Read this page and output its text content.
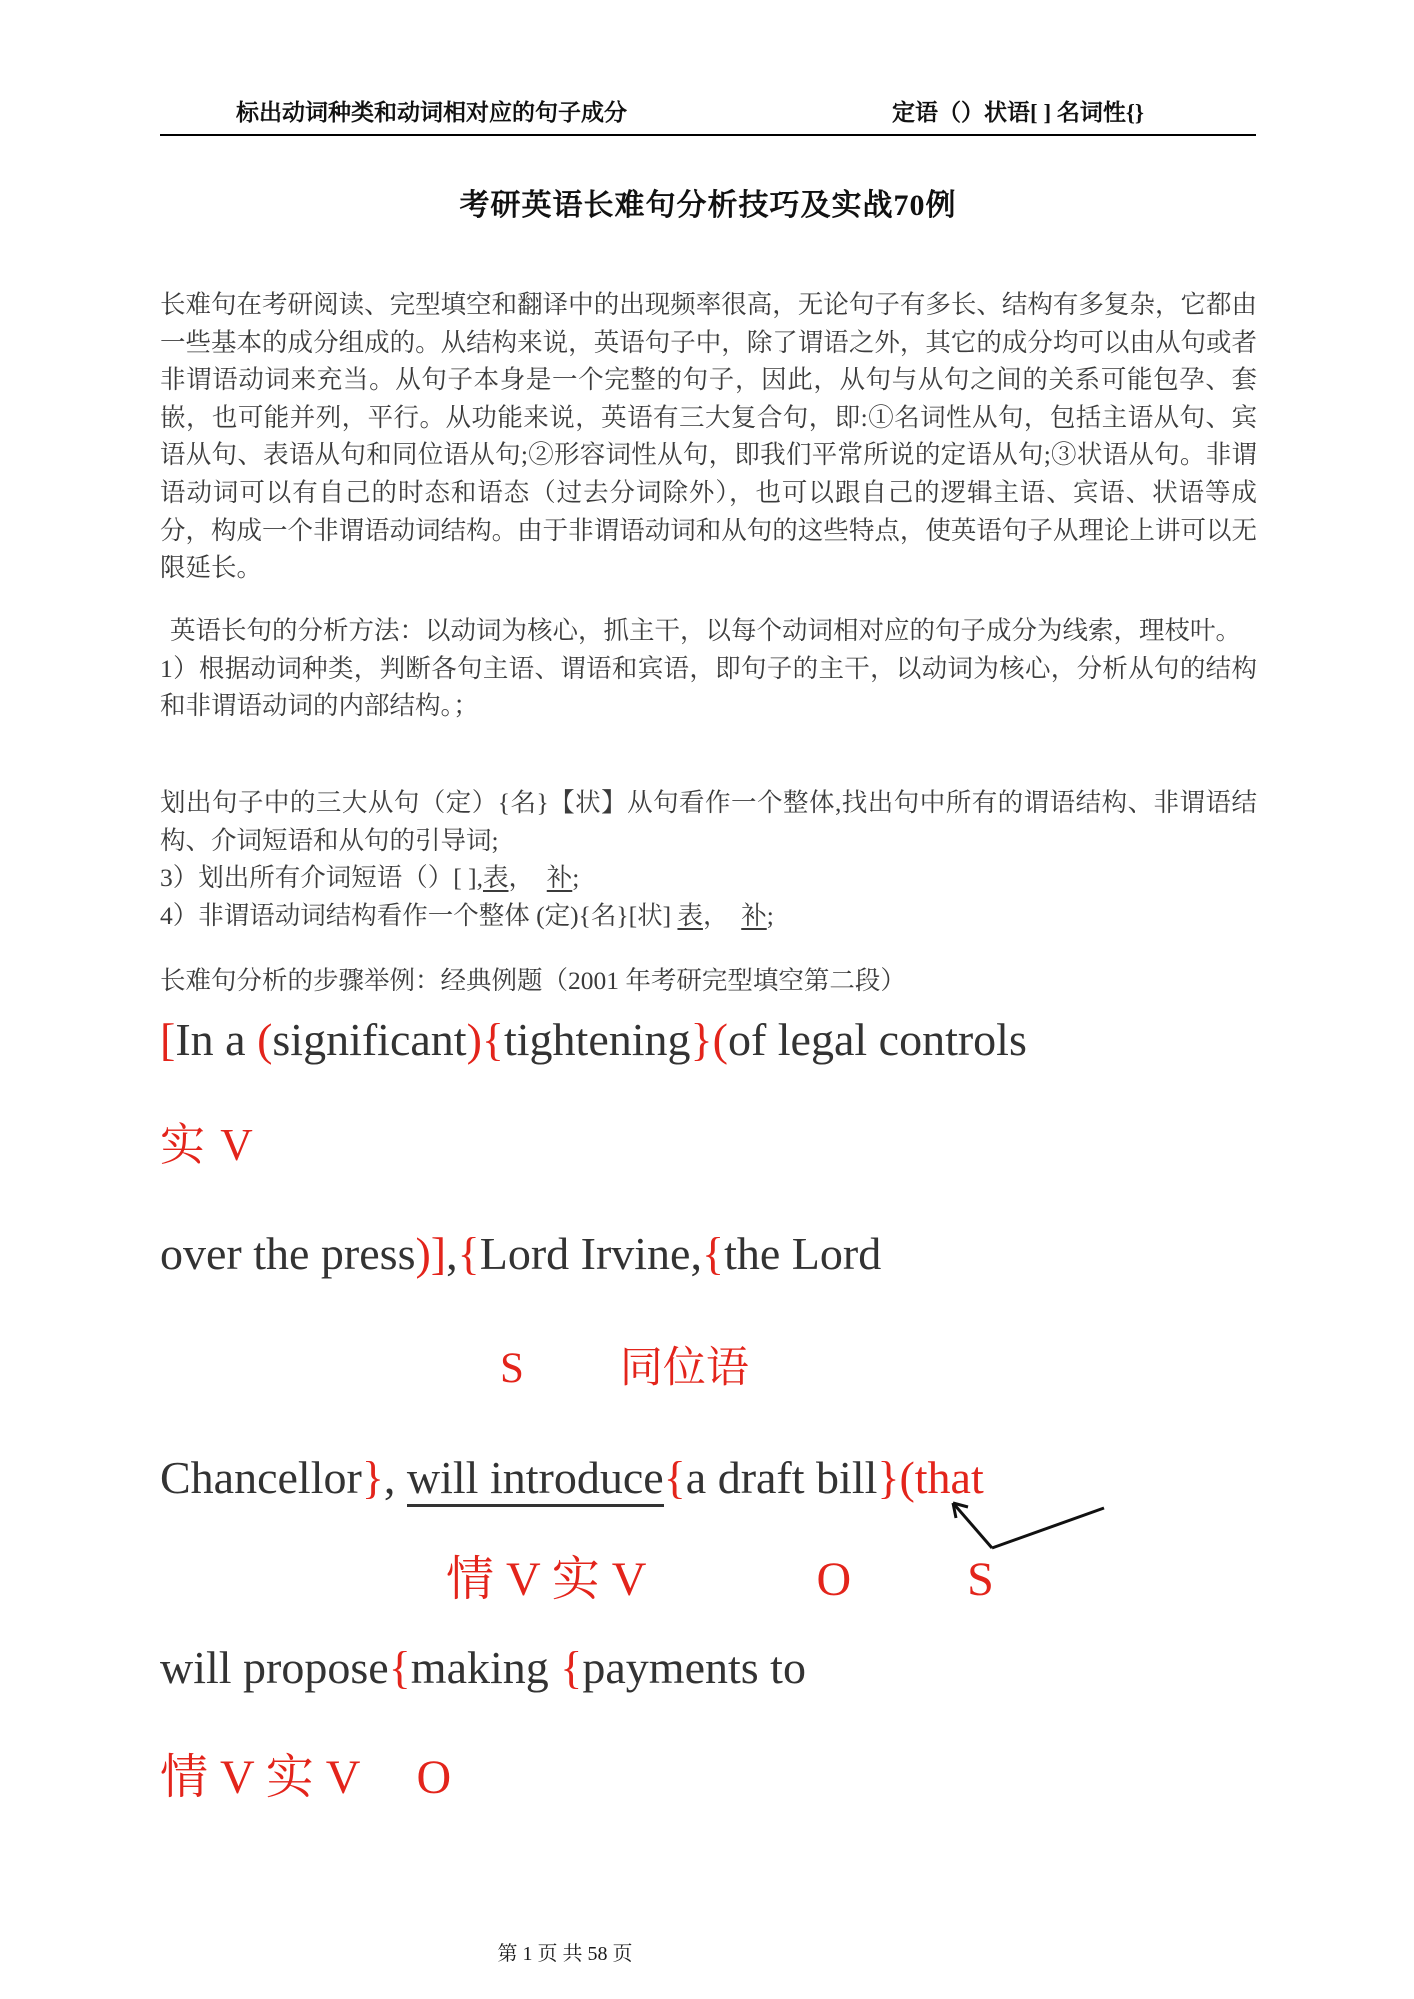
标出动词种类和动词相对应的句子成分	定语（）状语[ ] 名词性{}
考研英语长难句分析技巧及实战70例
长难句在考研阅读、完型填空和翻译中的出现频率很高，无论句子有多长、结构有多复杂，它都由一些基本的成分组成的。从结构来说，英语句子中，除了谓语之外，其它的成分均可以由从句或者非谓语动词来充当。从句子本身是一个完整的句子，因此，从句与从句之间的关系可能包孕、套嵌，也可能并列，平行。从功能来说，英语有三大复合句，即:①名词性从句，包括主语从句、宾语从句、表语从句和同位语从句;②形容词性从句，即我们平常所说的定语从句;③状语从句。非谓语动词可以有自己的时态和语态（过去分词除外），也可以跟自己的逻辑主语、宾语、状语等成分，构成一个非谓语动词结构。由于非谓语动词和从句的这些特点，使英语句子从理论上讲可以无限延长。

英语长句的分析方法：以动词为核心，抓主干，以每个动词相对应的句子成分为线索，理枝叶。

1）根据动词种类，判断各句主语、谓语和宾语，即句子的主干，以动词为核心，分析从句的结构和非谓语动词的内部结构。；

划出句子中的三大从句（定）{名}【状】从句看作一个整体,找出句中所有的谓语结构、非谓语结构、介词短语和从句的引导词;

3）划出所有介词短语（）[ ],表，　补;

4）非谓语动词结构看作一个整体 (定){名}[状] 表，　补;

长难句分析的步骤举例：经典例题（2001 年考研完型填空第二段）
[In a (significant){tightening}(of legal controls
实 V
over the press)],{Lord Irvine,{the Lord
S 同位语
Chancellor}, will introduce{a draft bill}(that
情 V 实 V	O S
will propose{making {payments to
情 V 实 V O
第 1 页 共 58 页
